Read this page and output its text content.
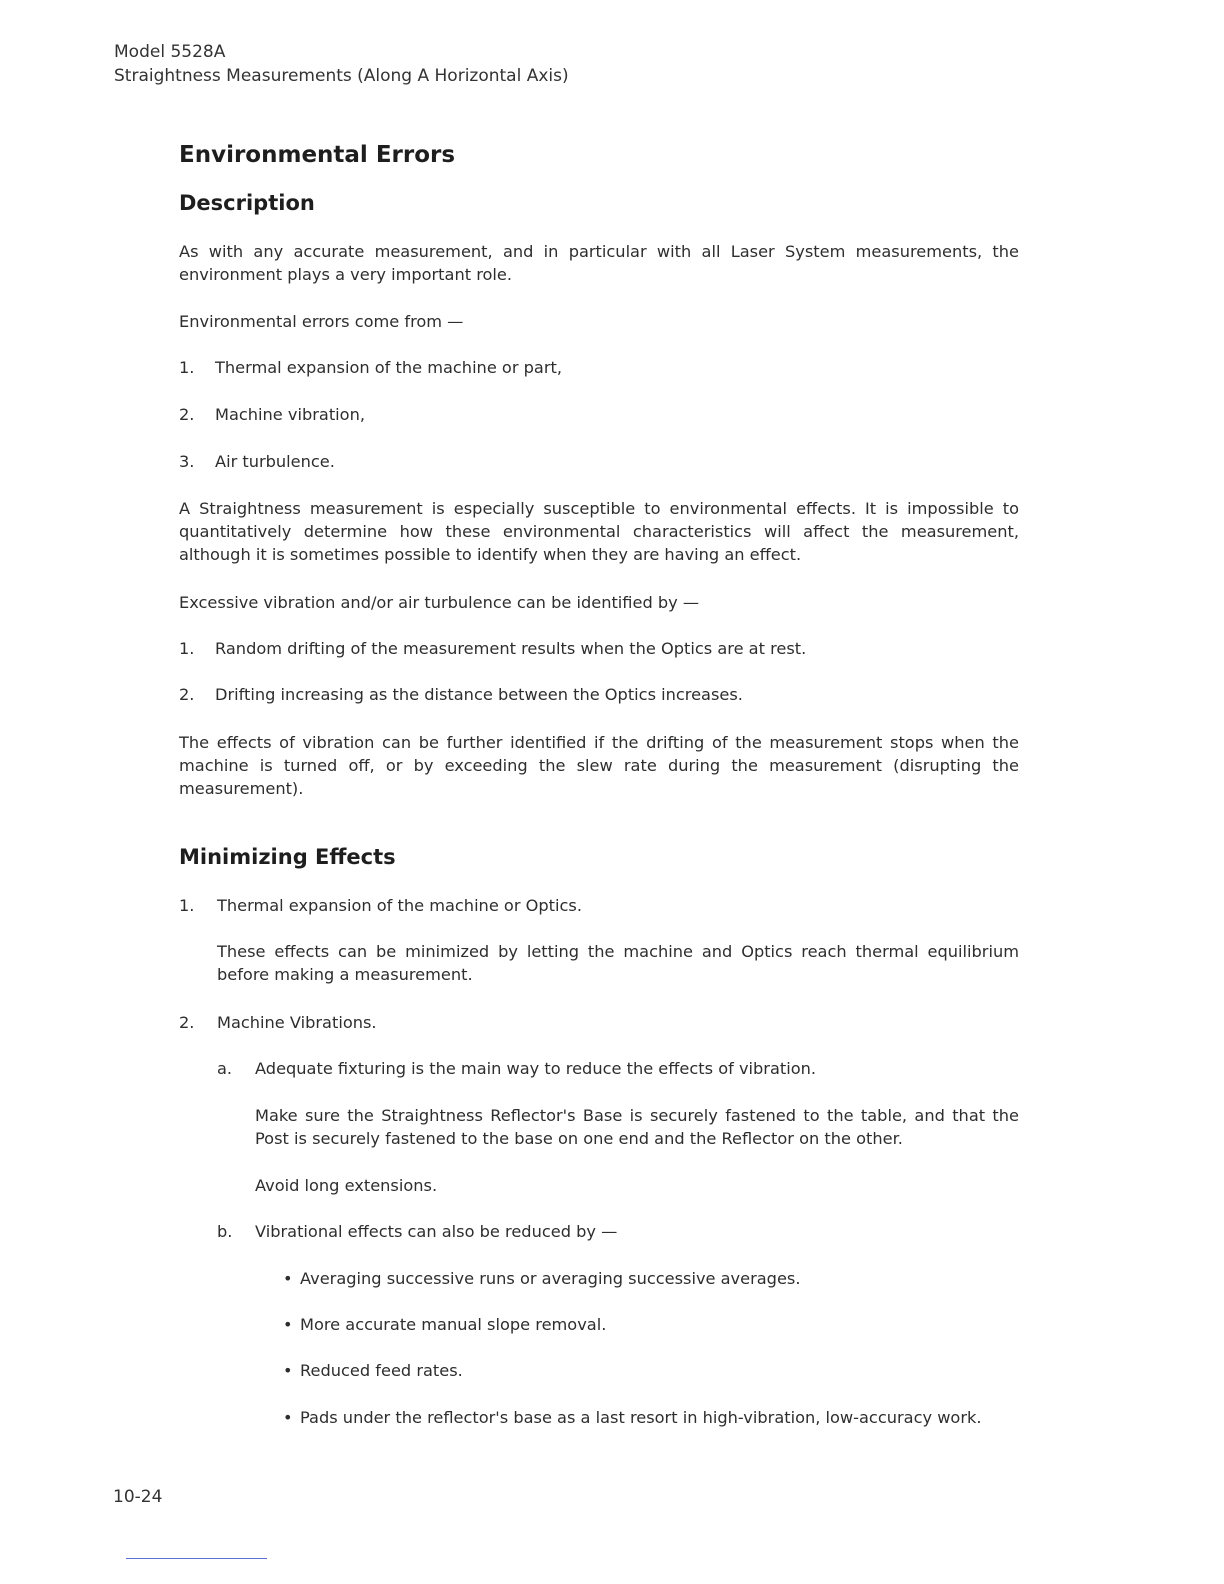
Model 5528A
Straightness Measurements (Along A Horizontal Axis)
Environmental Errors
Description
As with any accurate measurement, and in particular with all Laser System measurements, the environment plays a very important role.
Environmental errors come from —
1. Thermal expansion of the machine or part,
2. Machine vibration,
3. Air turbulence.
A Straightness measurement is especially susceptible to environmental effects. It is impossible to quantitatively determine how these environmental characteristics will affect the measurement, although it is sometimes possible to identify when they are having an effect.
Excessive vibration and/or air turbulence can be identified by —
1. Random drifting of the measurement results when the Optics are at rest.
2. Drifting increasing as the distance between the Optics increases.
The effects of vibration can be further identified if the drifting of the measurement stops when the machine is turned off, or by exceeding the slew rate during the measurement (disrupting the measurement).
Minimizing Effects
1. Thermal expansion of the machine or Optics.
These effects can be minimized by letting the machine and Optics reach thermal equilibrium before making a measurement.
2. Machine Vibrations.
a. Adequate fixturing is the main way to reduce the effects of vibration.
Make sure the Straightness Reflector's Base is securely fastened to the table, and that the Post is securely fastened to the base on one end and the Reflector on the other.
Avoid long extensions.
b. Vibrational effects can also be reduced by —
• Averaging successive runs or averaging successive averages.
• More accurate manual slope removal.
• Reduced feed rates.
• Pads under the reflector's base as a last resort in high-vibration, low-accuracy work.
10-24
